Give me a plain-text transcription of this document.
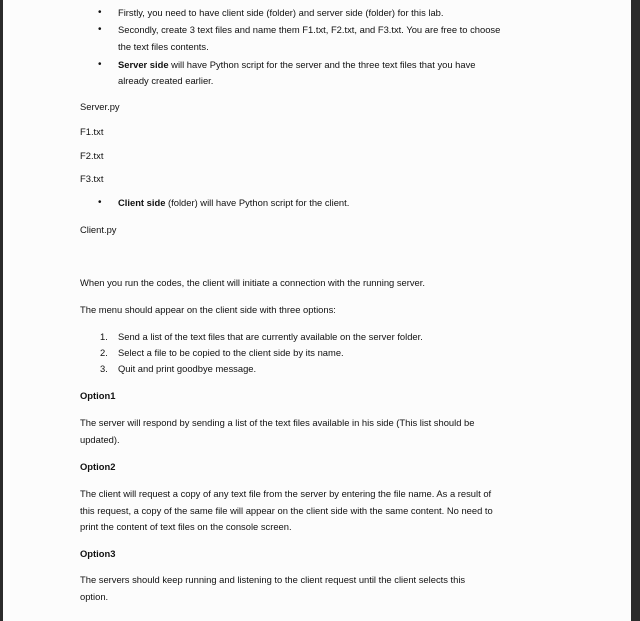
• Firstly, you need to have client side (folder) and server side (folder) for this lab.
• Secondly, create 3 text files and name them F1.txt, F2.txt, and F3.txt. You are free to choose
the text files contents.
• Server side will have Python script for the server and the three text files that you have
already created earlier.
Server.py
F1.txt
F2.txt
F3.txt
• Client side (folder) will have Python script for the client.
Client.py
When you run the codes, the client will initiate a connection with the running server.
The menu should appear on the client side with three options:
1. Send a list of the text files that are currently available on the server folder.
2. Select a file to be copied to the client side by its name.
3. Quit and print goodbye message.
Option1
The server will respond by sending a list of the text files available in his side (This list should be
updated).
Option2
The client will request a copy of any text file from the server by entering the file name. As a result of
this request, a copy of the same file will appear on the client side with the same content. No need to
print the content of text files on the console screen.
Option3
The servers should keep running and listening to the client request until the client selects this
option.
